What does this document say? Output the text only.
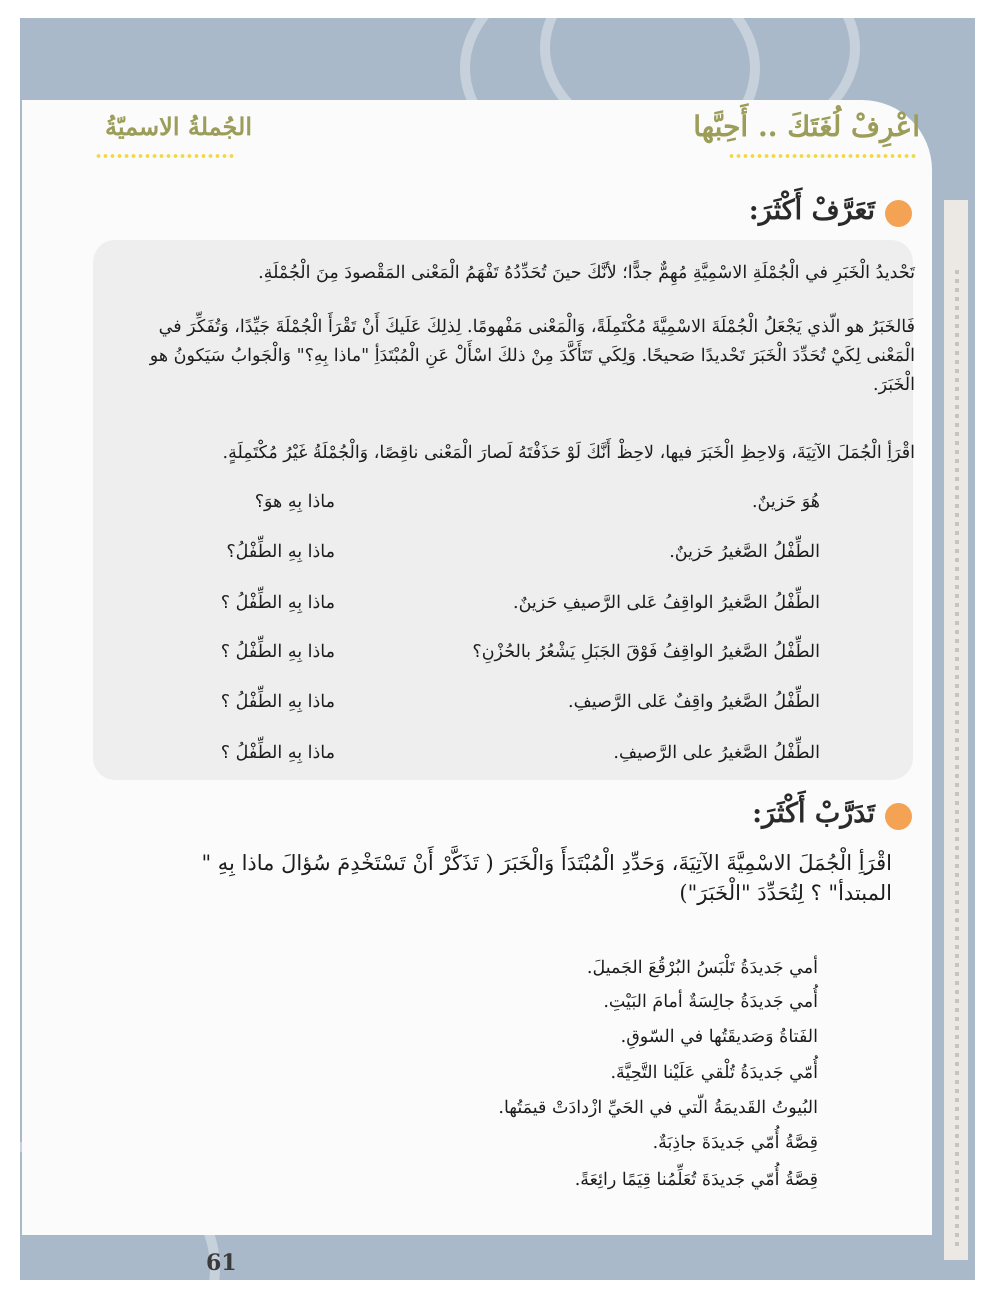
اعْرِفْ لُغَتَكَ .. أَحِبَّها
الجُملةُ الاسميّةُ
تَعَرَّفْ أَكْثَرَ:

تَحْديدُ الْخَبَرِ في الْجُمْلَةِ الاسْمِيَّةِ مُهِمٌّ جدًّا؛ لأنَّكَ حينَ تُحَدِّدُهُ تَفْهَمُ الْمَعْنى المَقْصودَ مِنَ الْجُمْلَةِ.

فَالخَبَرُ هو الّذي يَجْعَلُ الْجُمْلَةَ الاسْمِيَّةَ مُكْتَمِلَةً، وَالْمَعْنى مَفْهومًا. لِذلِكَ عَلَيكَ أَنْ تَقْرَأَ الْجُمْلَةَ جَيِّدًا، وَتُفَكِّرَ في الْمَعْنى لِكَيْ تُحَدِّدَ الْخَبَرَ تَحْديدًا صَحيحًا. وَلِكَي تَتَأَكَّدَ مِنْ ذلكَ اسْأَلْ عَنِ الْمُبْتَدَأِ "ماذا بِهِ؟" وَالْجَوابُ سَيَكونُ هو الْخَبَرَ.

اقْرَأِ الْجُمَلَ الآتِيَةَ، وَلاحِظِ الْخَبَرَ فيها، لاحِظْ أَنَّكَ لَوْ حَذَفْتَهُ لَصارَ الْمَعْنى ناقِصًا، وَالْجُمْلَةُ غَيْرُ مُكْتَمِلَةٍ.

هُوَ حَزينٌ.
ماذا بِهِ هوَ؟
الطِّفْلُ الصَّغيرُ حَزينٌ.
ماذا بِهِ الطِّفْلُ؟
الطِّفْلُ الصَّغيرُ الواقِفُ عَلى الرَّصيفِ حَزينٌ.
ماذا بِهِ الطِّفْلُ ؟
الطِّفْلُ الصَّغيرُ الواقِفُ فَوْقَ الجَبَلِ يَشْعُرُ بالحُزْنِ؟
ماذا بِهِ الطِّفْلُ ؟
الطِّفْلُ الصَّغيرُ واقِفٌ عَلى الرَّصيفِ.
ماذا بِهِ الطِّفْلُ ؟
الطِّفْلُ الصَّغيرُ على الرَّصيفِ.
ماذا بِهِ الطِّفْلُ ؟
تَدَرَّبْ أَكْثَرَ:

اقْرَأِ الْجُمَلَ الاسْمِيَّةَ الآتِيَةَ، وَحَدِّدِ الْمُبْتَدَأَ وَالْخَبَرَ ( تَذَكَّرْ أَنْ تَسْتَخْدِمَ سُؤالَ ماذا بِهِ " المبتدأ" ؟ لِتُحَدِّدَ "الْخَبَرَ")

أمي جَديدَةُ تَلْبَسُ البُرْقُعَ الجَميلَ.
أُمي جَديدَةُ جالِسَةٌ أمامَ البَيْتِ.
الفَتاةُ وَصَديقَتُها في السّوقِ.
أُمّي جَديدَةُ تُلْقي عَلَيْنا التَّحِيَّةَ.
البُيوتُ القَديمَةُ الّتي في الحَيِّ ازْدادَتْ قيمَتُها.
قِصَّةُ أُمّي جَديدَةَ جاذِبَةٌ.
قِصَّةُ أُمّي جَديدَةَ تُعَلِّمُنا قِيَمًا رائِعَةً.
61
